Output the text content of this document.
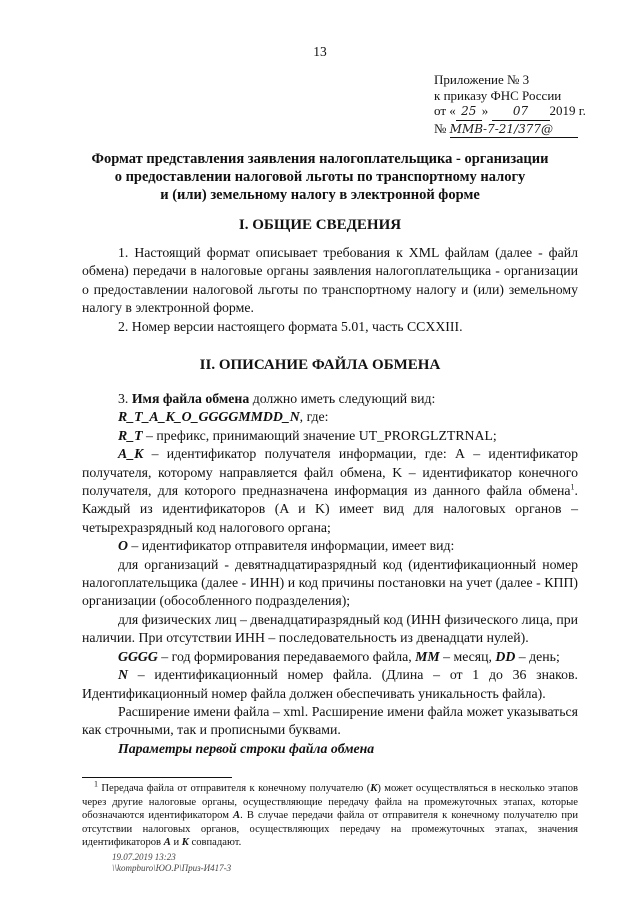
13
Приложение № 3
к приказу ФНС России
от « 25 » 07 2019 г.
№ ММВ-7-21/377@
Формат представления заявления налогоплательщика - организации
о предоставлении налоговой льготы по транспортному налогу
и (или) земельному налогу в электронной форме
I. ОБЩИЕ СВЕДЕНИЯ

1. Настоящий формат описывает требования к XML файлам (далее - файл обмена) передачи в налоговые органы заявления налогоплательщика - организации о предоставлении налоговой льготы по транспортному налогу и (или) земельному налогу в электронной форме.

2. Номер версии настоящего формата 5.01, часть CCXXIII.

II. ОПИСАНИЕ ФАЙЛА ОБМЕНА

3. Имя файла обмена должно иметь следующий вид:

R_T_A_K_O_GGGGMMDD_N, где:

R_T – префикс, принимающий значение UT_PRORGLZTRNAL;

A_K – идентификатор получателя информации, где: А – идентификатор получателя, которому направляется файл обмена, K – идентификатор конечного получателя, для которого предназначена информация из данного файла обмена$^1$. Каждый из идентификаторов (A и K) имеет вид для налоговых органов – четырехразрядный код налогового органа;

O – идентификатор отправителя информации, имеет вид:

для организаций - девятнадцатиразрядный код (идентификационный номер налогоплательщика (далее - ИНН) и код причины постановки на учет (далее - КПП) организации (обособленного подразделения);

для физических лиц – двенадцатиразрядный код (ИНН физического лица, при наличии. При отсутствии ИНН – последовательность из двенадцати нулей).

GGGG – год формирования передаваемого файла, MM – месяц, DD – день;

N – идентификационный номер файла. (Длина – от 1 до 36 знаков. Идентификационный номер файла должен обеспечивать уникальность файла).

Расширение имени файла – xml. Расширение имени файла может указываться как строчными, так и прописными буквами.

Параметры первой строки файла обмена

$^1$ Передача файла от отправителя к конечному получателю (K) может осуществляться в несколько этапов через другие налоговые органы, осуществляющие передачу файла на промежуточных этапах, которые обозначаются идентификатором A. В случае передачи файла от отправителя к конечному получателю при отсутствии налоговых органов, осуществляющих передачу на промежуточных этапах, значения идентификаторов A и K совпадают.

19.07.2019 13:23
\\kompburo\ЮО.Р\Приз-И417-3
